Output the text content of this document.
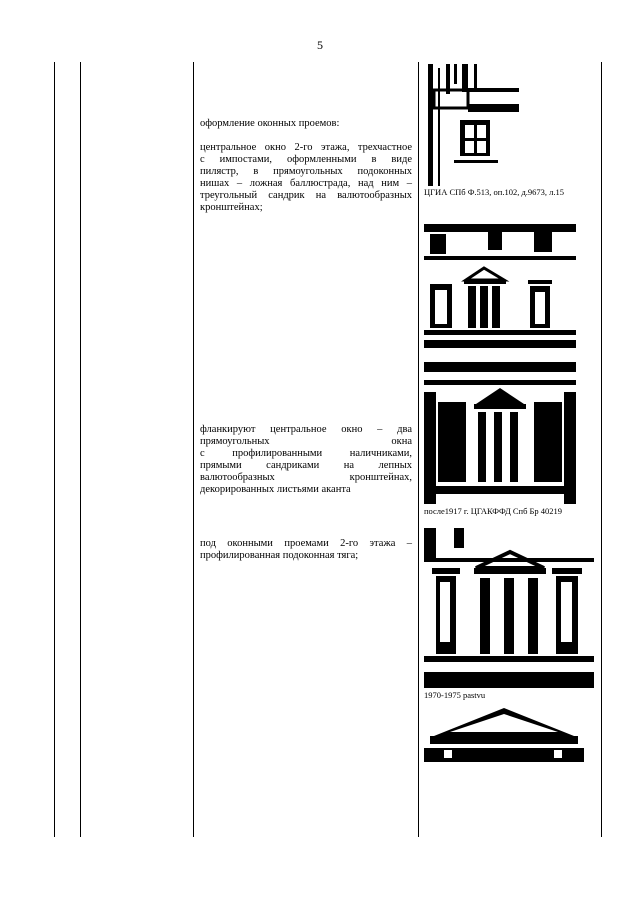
5
оформление оконных проемов:
центральное окно 2-го этажа, трехчастное
с импостами, оформленными в виде
пилястр, в прямоугольных подоконных
нишах – ложная баллюстрада, над ним –
треугольный сандрик на валютообразных
кронштейнах;
фланкируют центральное окно – два
прямоугольных окна
с профилированными наличниками,
прямыми сандриками на лепных
валютообразных кронштейнах,
декорированных листьями аканта
под оконными проемами 2-го этажа –
профилированная подоконная тяга;
ЦГИА СПб Ф.513, оп.102, д.9673, л.15
после1917 г. ЦГАКФФД Спб Бр 40219
1970-1975 pastvu
